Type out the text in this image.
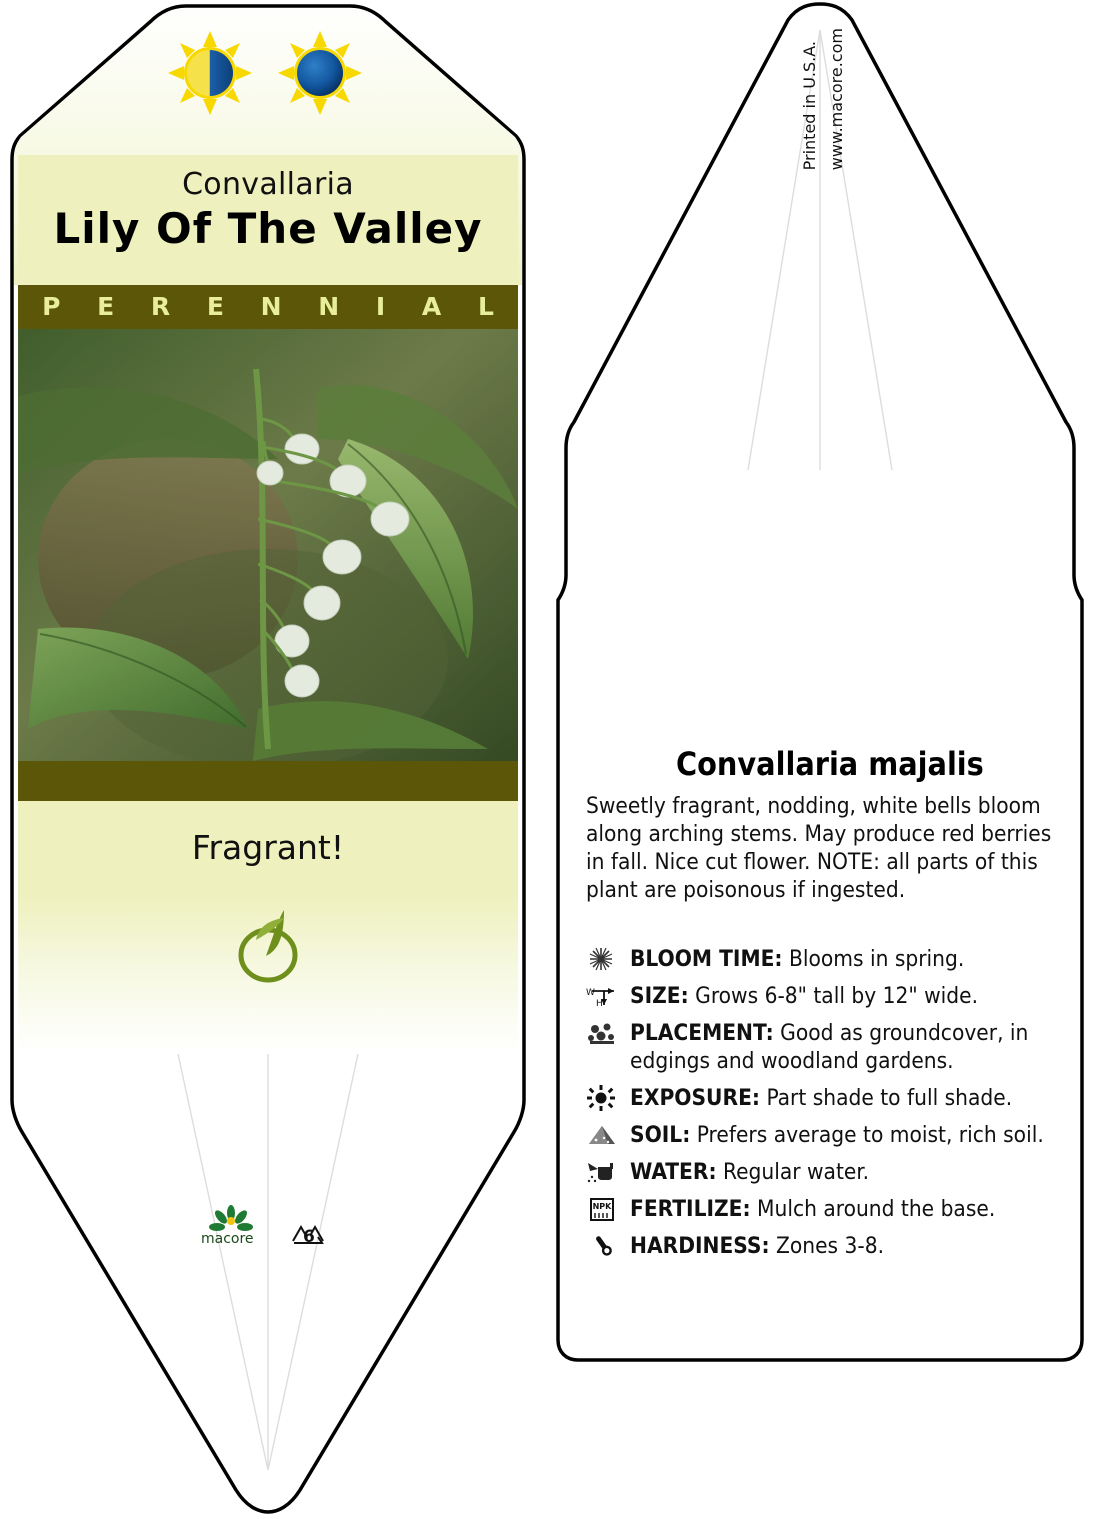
Convallaria
Lily Of The Valley
P E R E N N I A L
Fragrant!
macore	6
Printed in U.S.A. www.macore.com
Convallaria majalis
Sweetly fragrant, nodding, white bells bloom along arching stems. May produce red berries in fall. Nice cut flower. NOTE: all parts of this plant are poisonous if ingested.
BLOOM TIME: Blooms in spring.
W
H SIZE: Grows 6-8" tall by 12" wide.
PLACEMENT: Good as groundcover, in edgings and woodland gardens.
EXPOSURE: Part shade to full shade.
SOIL: Prefers average to moist, rich soil.
WATER: Regular water.
NPK FERTILIZE: Mulch around the base.
HARDINESS: Zones 3-8.
